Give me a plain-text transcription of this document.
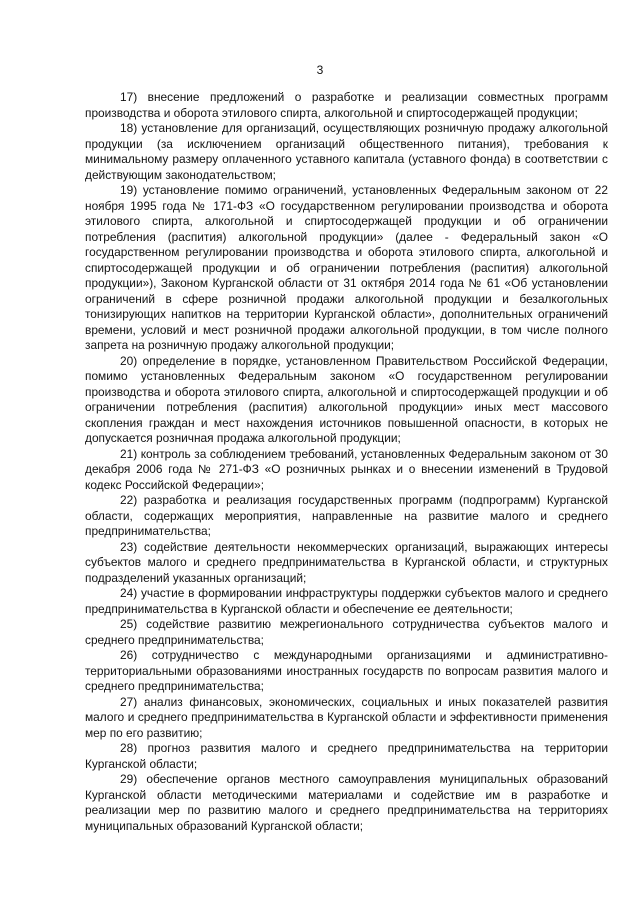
3

17) внесение предложений о разработке и реализации совместных программ производства и оборота этилового спирта, алкогольной и спиртосодержащей продукции;

18) установление для организаций, осуществляющих розничную продажу алкогольной продукции (за исключением организаций общественного питания), требования к минимальному размеру оплаченного уставного капитала (уставного фонда) в соответствии с действующим законодательством;

19) установление помимо ограничений, установленных Федеральным законом от 22 ноября 1995 года № 171-ФЗ «О государственном регулировании производства и оборота этилового спирта, алкогольной и спиртосодержащей продукции и об ограничении потребления (распития) алкогольной продукции» (далее - Федеральный закон «О государственном регулировании производства и оборота этилового спирта, алкогольной и спиртосодержащей продукции и об ограничении потребления (распития) алкогольной продукции»), Законом Курганской области от 31 октября 2014 года № 61 «Об установлении ограничений в сфере розничной продажи алкогольной продукции и безалкогольных тонизирующих напитков на территории Курганской области», дополнительных ограничений времени, условий и мест розничной продажи алкогольной продукции, в том числе полного запрета на розничную продажу алкогольной продукции;

20) определение в порядке, установленном Правительством Российской Федерации, помимо установленных Федеральным законом «О государственном регулировании производства и оборота этилового спирта, алкогольной и спиртосодержащей продукции и об ограничении потребления (распития) алкогольной продукции» иных мест массового скопления граждан и мест нахождения источников повышенной опасности, в которых не допускается розничная продажа алкогольной продукции;

21) контроль за соблюдением требований, установленных Федеральным законом от 30 декабря 2006 года № 271-ФЗ «О розничных рынках и о внесении изменений в Трудовой кодекс Российской Федерации»;

22) разработка и реализация государственных программ (подпрограмм) Курганской области, содержащих мероприятия, направленные на развитие малого и среднего предпринимательства;

23) содействие деятельности некоммерческих организаций, выражающих интересы субъектов малого и среднего предпринимательства в Курганской области, и структурных подразделений указанных организаций;

24) участие в формировании инфраструктуры поддержки субъектов малого и среднего предпринимательства в Курганской области и обеспечение ее деятельности;

25) содействие развитию межрегионального сотрудничества субъектов малого и среднего предпринимательства;

26) сотрудничество с международными организациями и административно-территориальными образованиями иностранных государств по вопросам развития малого и среднего предпринимательства;

27) анализ финансовых, экономических, социальных и иных показателей развития малого и среднего предпринимательства в Курганской области и эффективности применения мер по его развитию;

28) прогноз развития малого и среднего предпринимательства на территории Курганской области;

29) обеспечение органов местного самоуправления муниципальных образований Курганской области методическими материалами и содействие им в разработке и реализации мер по развитию малого и среднего предпринимательства на территориях муниципальных образований Курганской области;
